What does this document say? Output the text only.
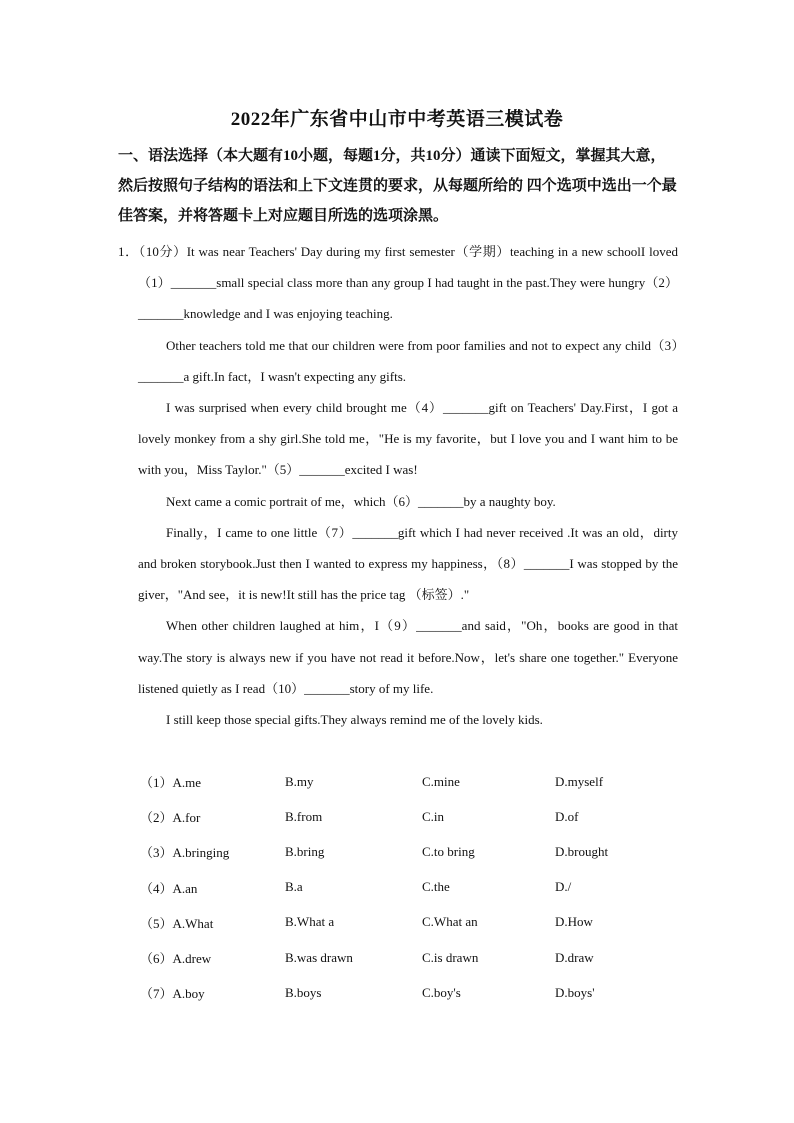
2022年广东省中山市中考英语三模试卷
一、语法选择（本大题有10小题，每题1分，共10分）通读下面短文，掌握其大意，然后按照句子结构的语法和上下文连贯的要求，从每题所给的 四个选项中选出一个最佳答案，并将答题卡上对应题目所选的选项涂黑。

1．（10分）It was near Teachers' Day during my first semester（学期）teaching in a new schoolI loved（1）_______small special class more than any group I had taught in the past.They were hungry（2）_______knowledge and I was enjoying teaching.

Other teachers told me that our children were from poor families and not to expect any child（3）_______a gift.In fact，I wasn't expecting any gifts.

I was surprised when every child brought me（4）_______gift on Teachers' Day.First，I got a lovely monkey from a shy girl.She told me，"He is my favorite，but I love you and I want him to be with you，Miss Taylor."（5）_______excited I was!

Next came a comic portrait of me，which（6）_______by a naughty boy.

Finally，I came to one little（7）_______gift which I had never received .It was an old，dirty and broken storybook.Just then I wanted to express my happiness，（8）_______I was stopped by the giver，"And see，it is new!It still has the price tag （标签）."

When other children laughed at him，I（9）_______and said，"Oh，books are good in that way.The story is always new if you have not read it before.Now，let's share one together." Everyone listened quietly as I read（10）_______story of my life.

I still keep those special gifts.They always remind me of the lovely kids.

（1）A.me	B.my	C.mine	D.myself
（2）A.for	B.from	C.in	D.of
（3）A.bringing	B.bring	C.to bring	D.brought
（4）A.an	B.a	C.the	D./
（5）A.What	B.What a	C.What an	D.How
（6）A.drew	B.was drawn	C.is drawn	D.draw
（7）A.boy	B.boys	C.boy's	D.boys'
